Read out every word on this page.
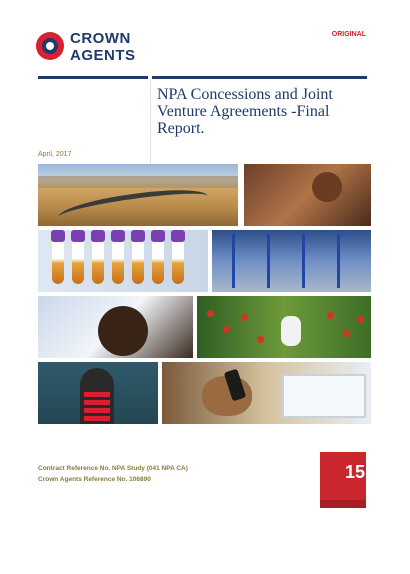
CROWN
AGENTS
ORIGINAL
NPA Concessions and Joint Venture Agreements -Final Report.
April, 2017
Contract Reference No. NPA Study (041 NPA CA)
Crown Agents Reference No. 106890	15
